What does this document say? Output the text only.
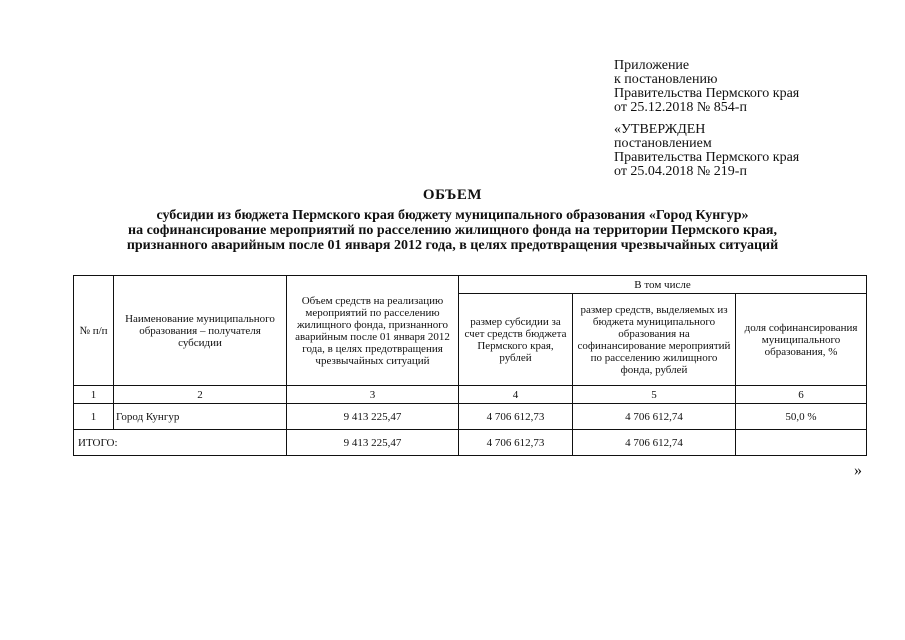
Приложение
к постановлению
Правительства Пермского края
от 25.12.2018 № 854-п
«УТВЕРЖДЕН
постановлением
Правительства Пермского края
от 25.04.2018 № 219-п
ОБЪЕМ
субсидии из бюджета Пермского края бюджету муниципального образования «Город Кунгур»
на софинансирование мероприятий по расселению жилищного фонда на территории Пермского края,
признанного аварийным после 01 января 2012 года, в целях предотвращения чрезвычайных ситуаций
№ п/п	Наименование муниципального образования – получателя субсидии	Объем средств на реализацию мероприятий по расселению жилищного фонда, признанного аварийным после 01 января 2012 года, в целях предотвращения чрезвычайных ситуаций	В том числе		
			размер субсидии за счет средств бюджета Пермского края, рублей	размер средств, выделяемых из бюджета муниципального образования на софинансирование мероприятий по расселению жилищного фонда, рублей	доля софинансирования муниципального образования, %
1	2	3	4	5	6
1	Город Кунгур	9 413 225,47	4 706 612,73	4 706 612,74	50,0 %
ИТОГО:		9 413 225,47	4 706 612,73	4 706 612,74	
»
